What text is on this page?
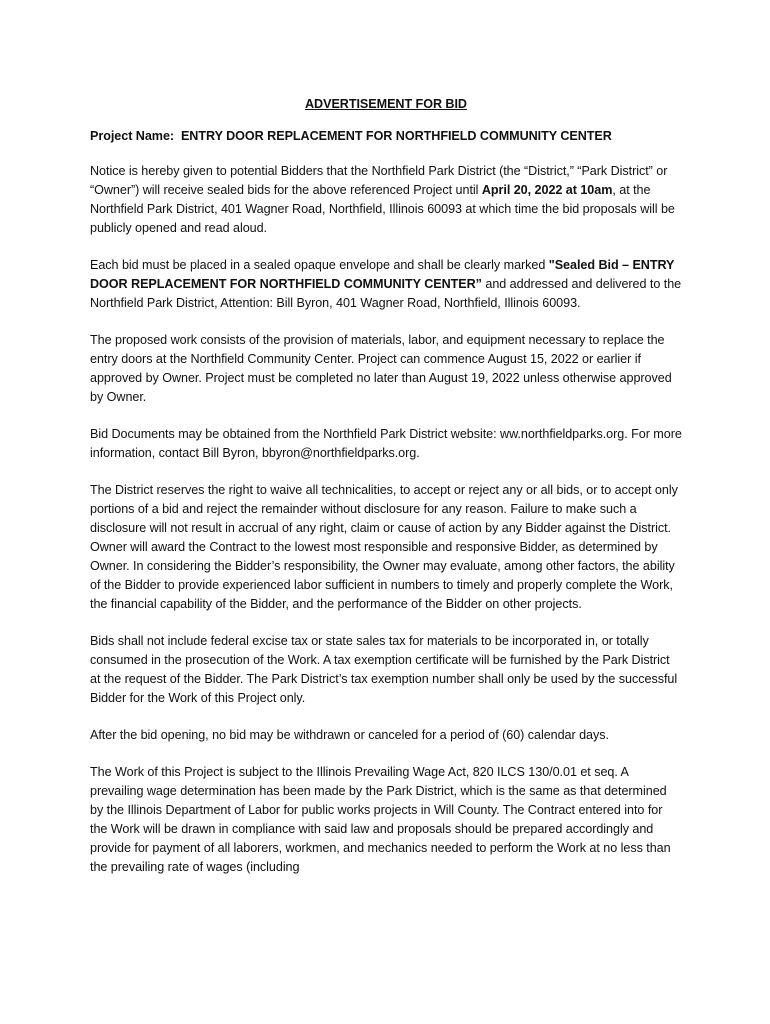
ADVERTISEMENT FOR BID
Project Name: ENTRY DOOR REPLACEMENT FOR NORTHFIELD COMMUNITY CENTER

Notice is hereby given to potential Bidders that the Northfield Park District (the “District,” “Park District” or “Owner”) will receive sealed bids for the above referenced Project until April 20, 2022 at 10am, at the Northfield Park District, 401 Wagner Road, Northfield, Illinois 60093 at which time the bid proposals will be publicly opened and read aloud.

Each bid must be placed in a sealed opaque envelope and shall be clearly marked "Sealed Bid – ENTRY DOOR REPLACEMENT FOR NORTHFIELD COMMUNITY CENTER” and addressed and delivered to the Northfield Park District, Attention: Bill Byron, 401 Wagner Road, Northfield, Illinois 60093.

The proposed work consists of the provision of materials, labor, and equipment necessary to replace the entry doors at the Northfield Community Center. Project can commence August 15, 2022 or earlier if approved by Owner. Project must be completed no later than August 19, 2022 unless otherwise approved by Owner.

Bid Documents may be obtained from the Northfield Park District website: ww.northfieldparks.org. For more information, contact Bill Byron, bbyron@northfieldparks.org.

The District reserves the right to waive all technicalities, to accept or reject any or all bids, or to accept only portions of a bid and reject the remainder without disclosure for any reason. Failure to make such a disclosure will not result in accrual of any right, claim or cause of action by any Bidder against the District. Owner will award the Contract to the lowest most responsible and responsive Bidder, as determined by Owner. In considering the Bidder’s responsibility, the Owner may evaluate, among other factors, the ability of the Bidder to provide experienced labor sufficient in numbers to timely and properly complete the Work, the financial capability of the Bidder, and the performance of the Bidder on other projects.

Bids shall not include federal excise tax or state sales tax for materials to be incorporated in, or totally consumed in the prosecution of the Work. A tax exemption certificate will be furnished by the Park District at the request of the Bidder. The Park District’s tax exemption number shall only be used by the successful Bidder for the Work of this Project only.

After the bid opening, no bid may be withdrawn or canceled for a period of (60) calendar days.

The Work of this Project is subject to the Illinois Prevailing Wage Act, 820 ILCS 130/0.01 et seq. A prevailing wage determination has been made by the Park District, which is the same as that determined by the Illinois Department of Labor for public works projects in Will County. The Contract entered into for the Work will be drawn in compliance with said law and proposals should be prepared accordingly and provide for payment of all laborers, workmen, and mechanics needed to perform the Work at no less than the prevailing rate of wages (including
